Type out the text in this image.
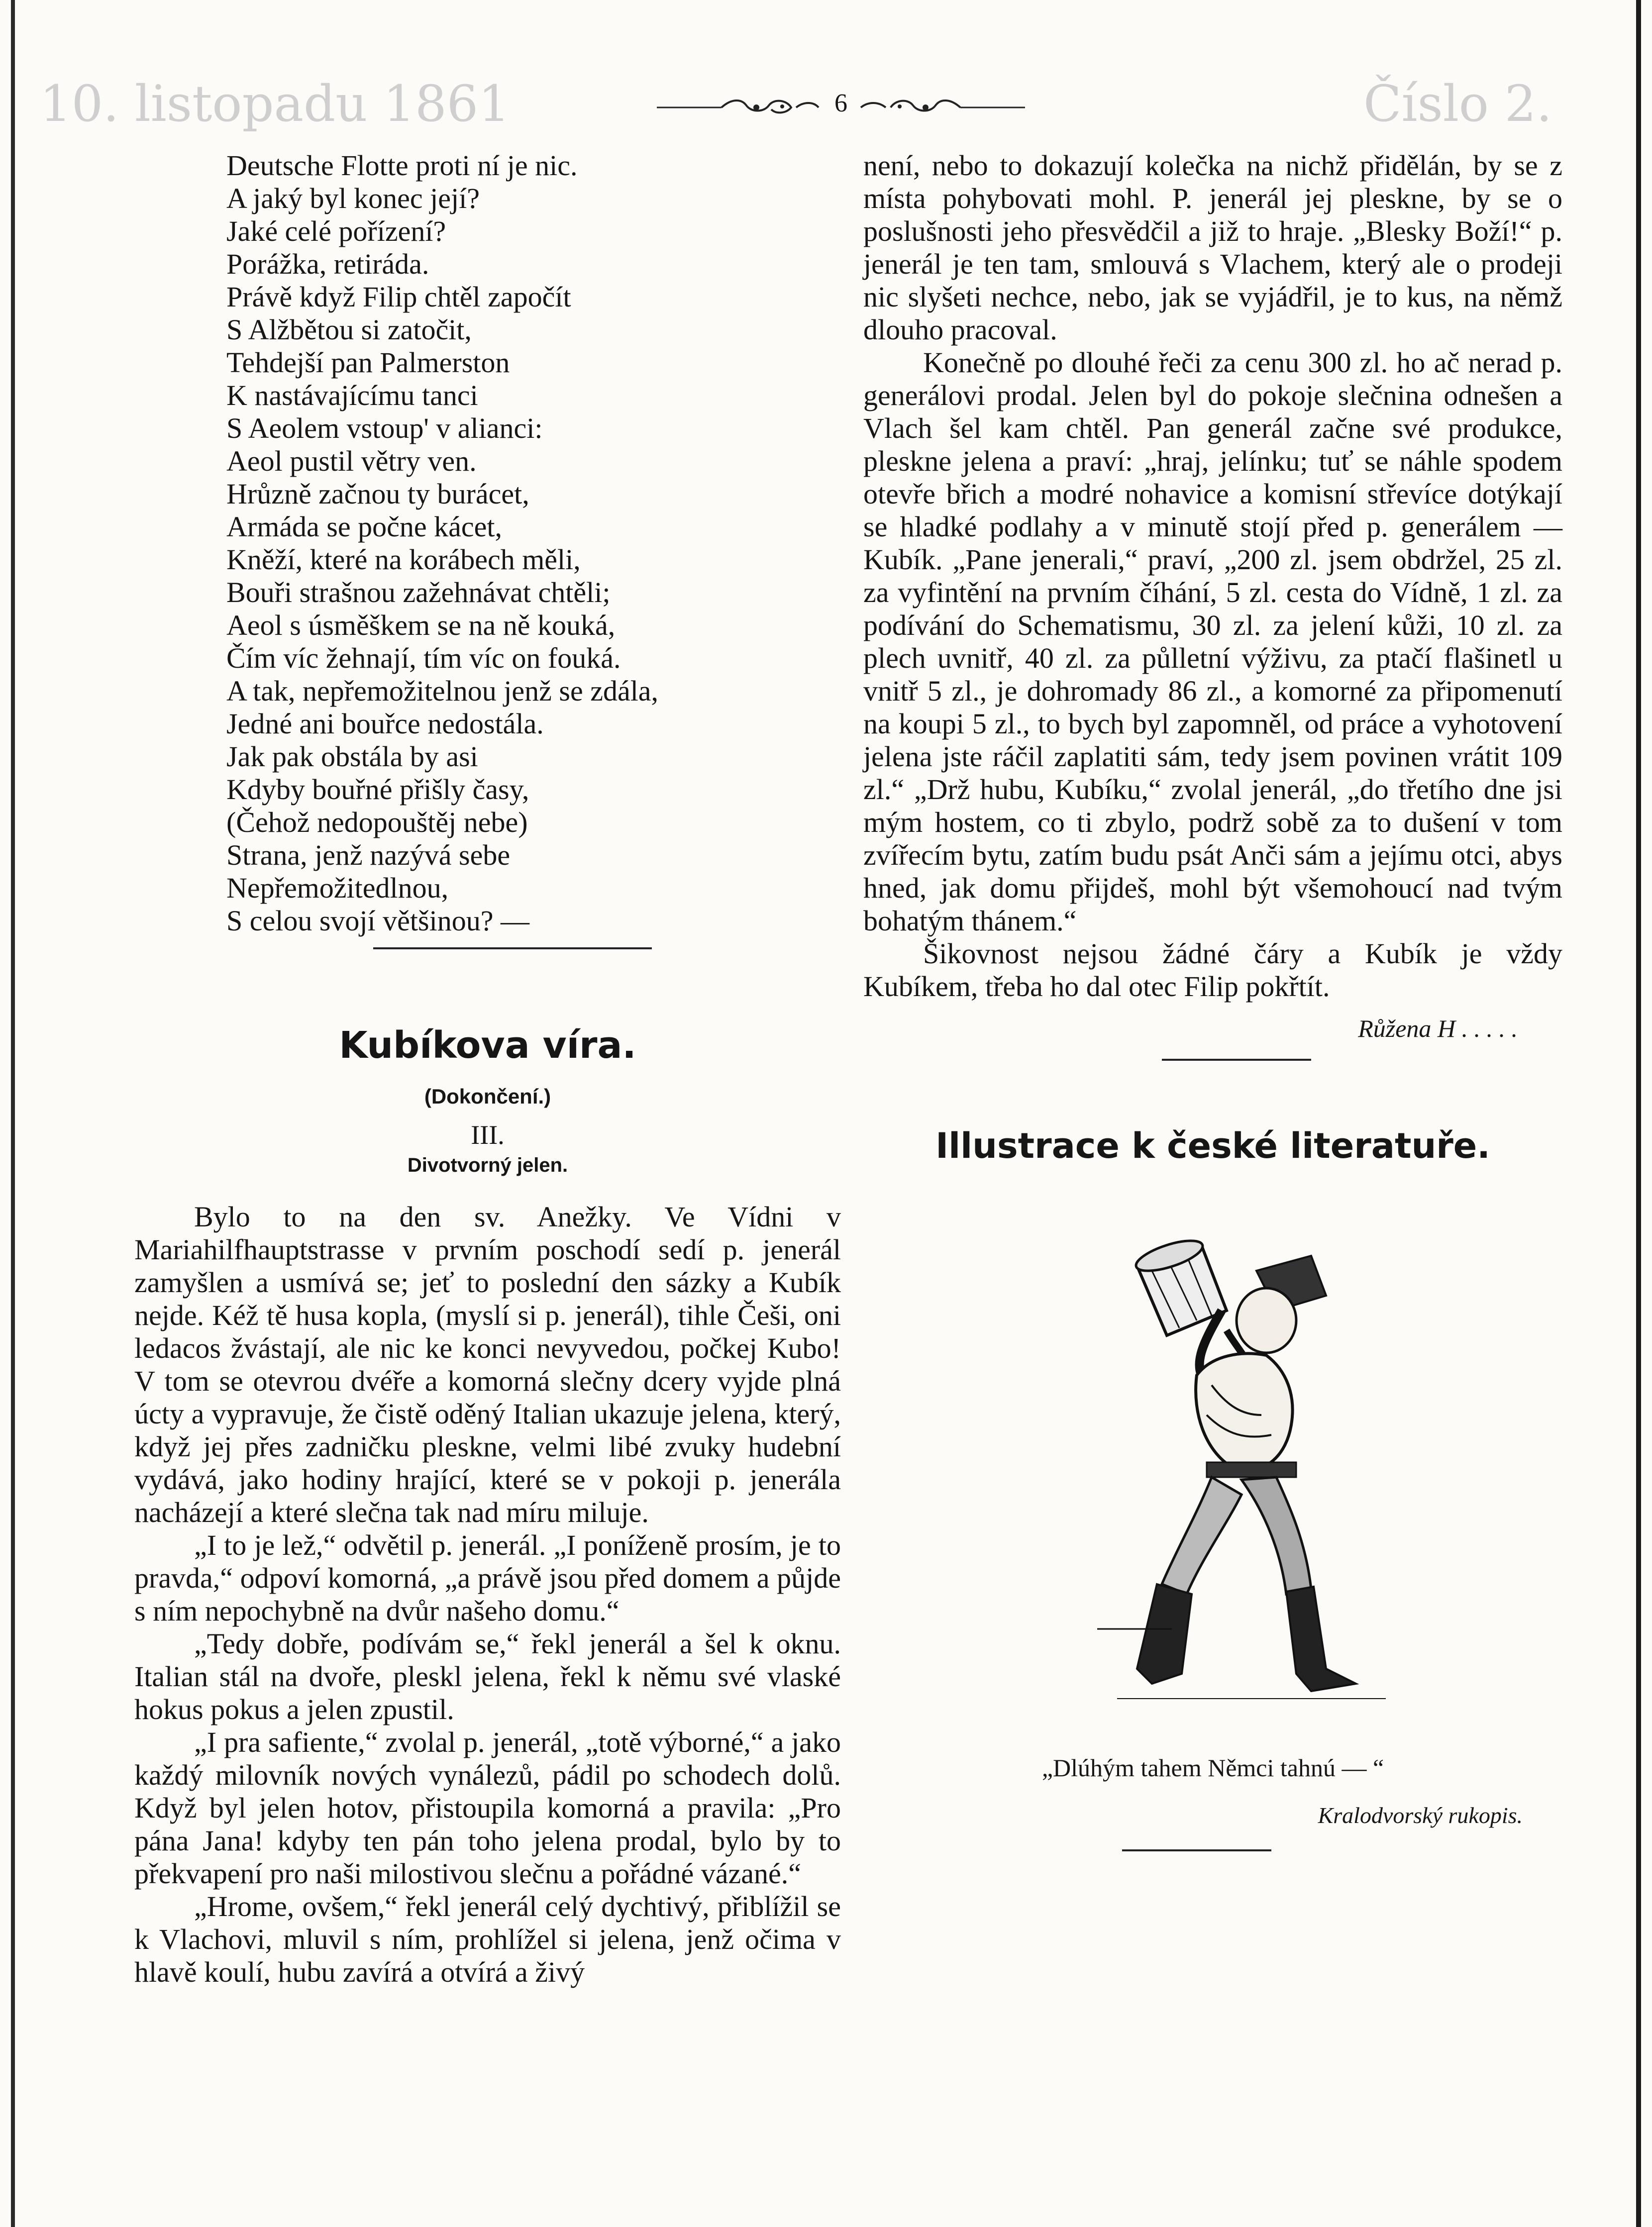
10. listopadu 1861	Číslo 2.
6
Deutsche Flotte proti ní je nic.
A jaký byl konec její?
Jaké celé pořízení?
Porážka, retiráda.
Právě když Filip chtěl započít
S Alžbětou si zatočit,
Tehdejší pan Palmerston
K nastávajícímu tanci
S Aeolem vstoup' v alianci:
Aeol pustil větry ven.
Hrůzně začnou ty burácet,
Armáda se počne kácet,
Kněží, které na korábech měli,
Bouři strašnou zažehnávat chtěli;
Aeol s úsměškem se na ně kouká,
Čím víc žehnají, tím víc on fouká.
A tak, nepřemožitelnou jenž se zdála,
Jedné ani bouřce nedostála.
Jak pak obstála by asi
Kdyby bouřné přišly časy,
(Čehož nedopouštěj nebe)
Strana, jenž nazývá sebe
Nepřemožitedlnou,
S celou svojí většinou? —
Kubíkova víra.
(Dokončení.)
III.
Divotvorný jelen.

Bylo to na den sv. Anežky. Ve Vídni v Mariahilfhauptstrasse v prvním poschodí sedí p. jenerál zamyšlen a usmívá se; jeť to poslední den sázky a Kubík nejde. Kéž tě husa kopla, (myslí si p. jenerál), tihle Češi, oni ledacos žvástají, ale nic ke konci nevyvedou, počkej Kubo! V tom se otevrou dvéře a komorná slečny dcery vyjde plná úcty a vypravuje, že čistě oděný Italian ukazuje jelena, který, když jej přes zadničku pleskne, velmi libé zvuky hudební vydává, jako hodiny hrající, které se v pokoji p. jenerála nacházejí a které slečna tak nad míru miluje.

„I to je lež,“ odvětil p. jenerál. „I poníženě prosím, je to pravda,“ odpoví komorná, „a právě jsou před domem a půjde s ním nepochybně na dvůr našeho domu.“

„Tedy dobře, podívám se,“ řekl jenerál a šel k oknu. Italian stál na dvoře, pleskl jelena, řekl k němu své vlaské hokus pokus a jelen zpustil.

„I pra safiente,“ zvolal p. jenerál, „totě výborné,“ a jako každý milovník nových vynálezů, pádil po schodech dolů. Když byl jelen hotov, přistoupila komorná a pravila: „Pro pána Jana! kdyby ten pán toho jelena prodal, bylo by to překvapení pro naši milostivou slečnu a pořádné vázané.“

„Hrome, ovšem,“ řekl jenerál celý dychtivý, přiblížil se k Vlachovi, mluvil s ním, prohlížel si jelena, jenž očima v hlavě koulí, hubu zavírá a otvírá a živý

není, nebo to dokazují kolečka na nichž přidělán, by se z místa pohybovati mohl. P. jenerál jej pleskne, by se o poslušnosti jeho přesvědčil a již to hraje. „Blesky Boží!“ p. jenerál je ten tam, smlouvá s Vlachem, který ale o prodeji nic slyšeti nechce, nebo, jak se vyjádřil, je to kus, na němž dlouho pracoval.

Konečně po dlouhé řeči za cenu 300 zl. ho ač nerad p. generálovi prodal. Jelen byl do pokoje slečnina odnešen a Vlach šel kam chtěl. Pan generál začne své produkce, pleskne jelena a praví: „hraj, jelínku; tuť se náhle spodem otevře břich a modré nohavice a komisní střevíce dotýkají se hladké podlahy a v minutě stojí před p. generálem — Kubík. „Pane jenerali,“ praví, „200 zl. jsem obdržel, 25 zl. za vyfintění na prvním číhání, 5 zl. cesta do Vídně, 1 zl. za podívání do Schematismu, 30 zl. za jelení kůži, 10 zl. za plech uvnitř, 40 zl. za půlletní výživu, za ptačí flašinetl u vnitř 5 zl., je dohromady 86 zl., a komorné za připomenutí na koupi 5 zl., to bych byl zapomněl, od práce a vyhotovení jelena jste ráčil zaplatiti sám, tedy jsem povinen vrátit 109 zl.“ „Drž hubu, Kubíku,“ zvolal jenerál, „do třetího dne jsi mým hostem, co ti zbylo, podrž sobě za to dušení v tom zvířecím bytu, zatím budu psát Anči sám a jejímu otci, abys hned, jak domu přijdeš, mohl být všemohoucí nad tvým bohatým thánem.“

Šikovnost nejsou žádné čáry a Kubík je vždy Kubíkem, třeba ho dal otec Filip pokřtít.

Růžena H . . . . .
Illustrace k české literatuře.
„Dlúhým tahem Němci tahnú — “
Kralodvorský rukopis.
